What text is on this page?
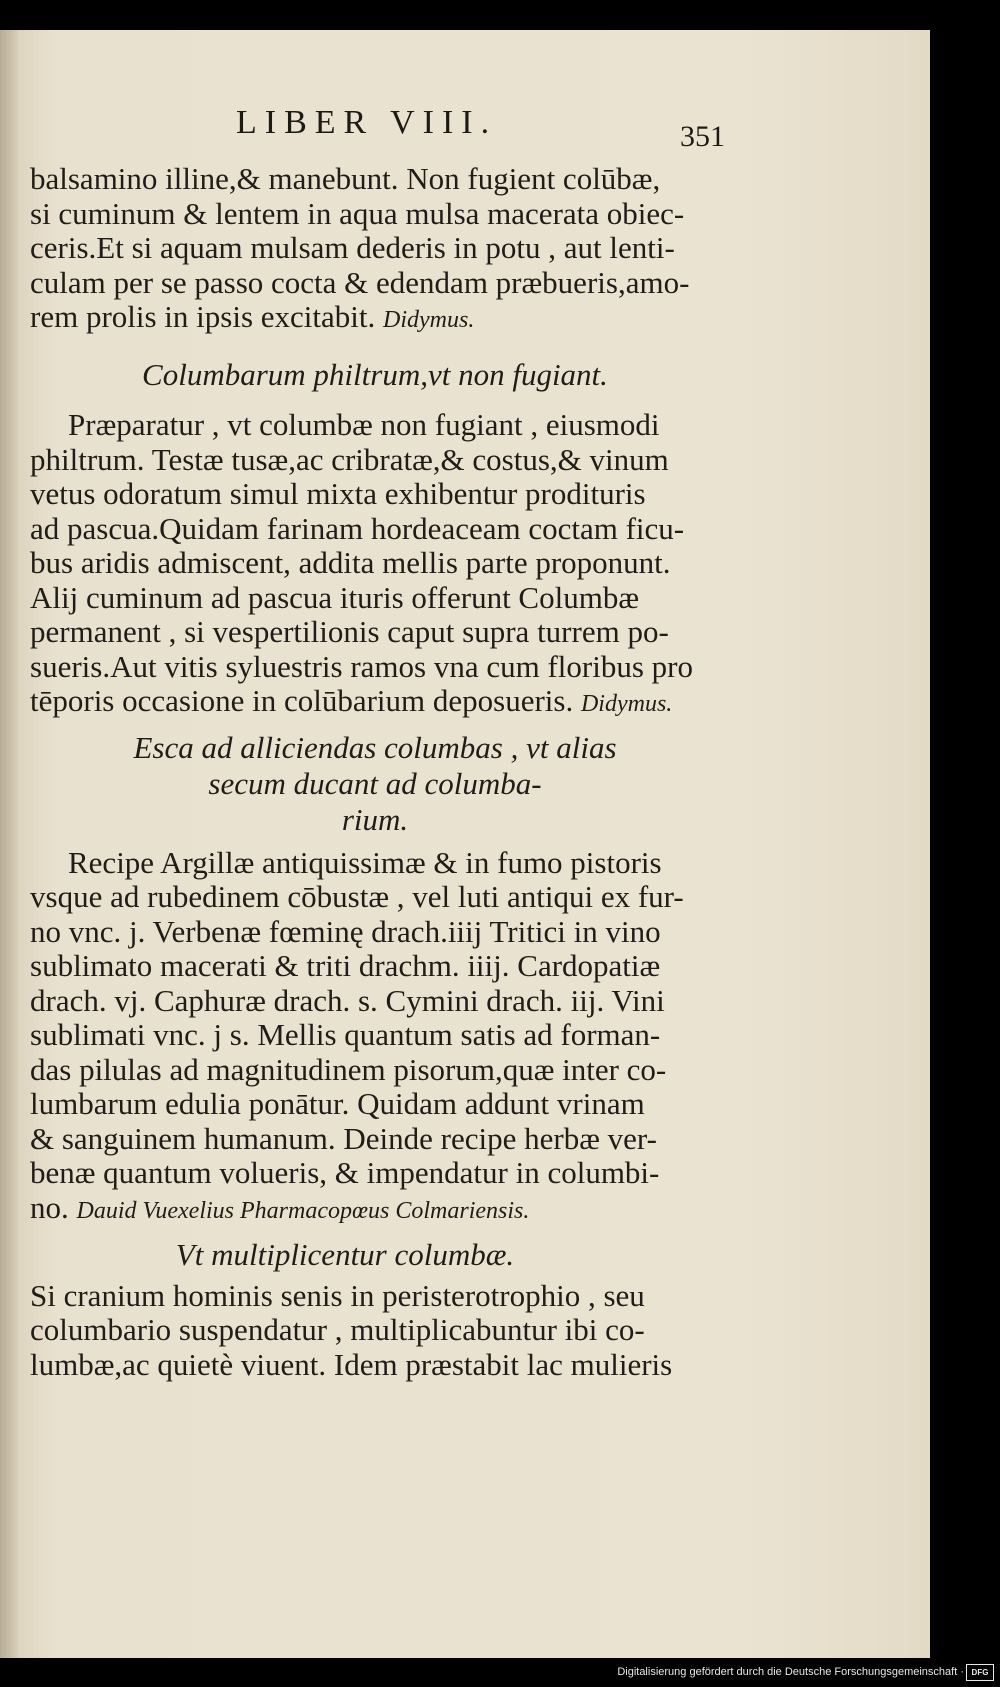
LIBER VIII.	351

balsamino illine,& manebunt. Non fugient colūbæ,
si cuminum & lentem in aqua mulsa macerata obiec-
ceris.Et si aquam mulsam dederis in potu , aut lenti-
culam per se passo cocta & edendam præbueris,amo-
rem prolis in ipsis excitabit. Didymus.

Columbarum philtrum,vt non fugiant.

Præparatur , vt columbæ non fugiant , eiusmodi
philtrum. Testæ tusæ,ac cribratæ,& costus,& vinum
vetus odoratum simul mixta exhibentur prodituris
ad pascua.Quidam farinam hordeaceam coctam ficu-
bus aridis admiscent, addita mellis parte proponunt.
Alij cuminum ad pascua ituris offerunt Columbæ
permanent , si vespertilionis caput supra turrem po-
sueris.Aut vitis syluestris ramos vna cum floribus pro
tēporis occasione in colūbarium deposueris. Didymus.

Esca ad alliciendas columbas , vt alias
secum ducant ad columba-
rium.

Recipe Argillæ antiquissimæ & in fumo pistoris
vsque ad rubedinem cōbustæ , vel luti antiqui ex fur-
no vnc. j. Verbenæ fœminę drach.iiij Tritici in vino
sublimato macerati & triti drachm. iiij. Cardopatiæ
drach. vj. Caphuræ drach. s. Cymini drach. iij. Vini
sublimati vnc. j s. Mellis quantum satis ad forman-
das pilulas ad magnitudinem pisorum,quæ inter co-
lumbarum edulia ponātur. Quidam addunt vrinam
& sanguinem humanum. Deinde recipe herbæ ver-
benæ quantum volueris, & impendatur in columbi-
no. Dauid Vuexelius Pharmacopœus Colmariensis.

Vt multiplicentur columbæ.

Si cranium hominis senis in peristerotrophio , seu
columbario suspendatur , multiplicabuntur ibi co-
lumbæ,ac quietè viuent. Idem præstabit lac mulieris

Digitalisierung gefördert durch die Deutsche Forschungsgemeinschaft · DFG
